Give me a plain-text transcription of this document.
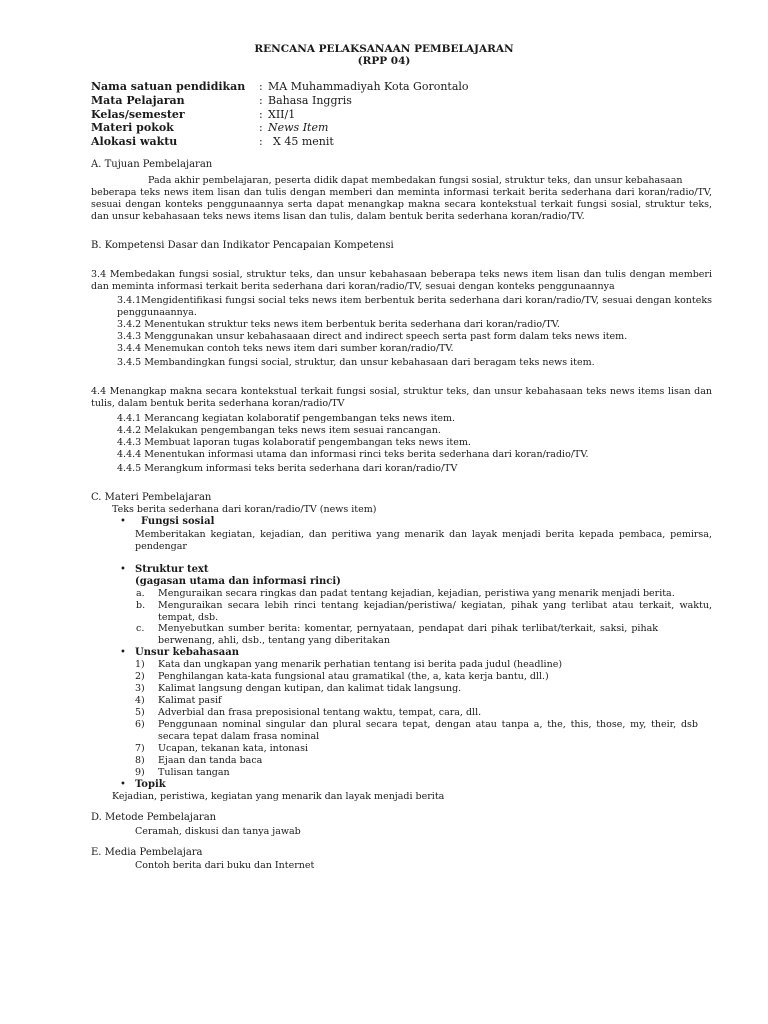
RENCANA PELAKSANAAN PEMBELAJARAN
(RPP 04)
Nama satuan pendidikan : MA Muhammadiyah Kota Gorontalo
Mata Pelajaran	: Bahasa Inggris
Kelas/semester	: XII/1
Materi pokok	: News Item
Alokasi waktu	: X 45 menit
A. Tujuan Pembelajaran
Pada akhir pembelajaran, peserta didik dapat membedakan fungsi sosial, struktur teks, dan unsur kebahasaan
beberapa teks news item lisan dan tulis dengan memberi dan meminta informasi terkait berita sederhana dari koran/radio/TV, sesuai dengan konteks penggunaannya serta dapat menangkap makna secara kontekstual terkait fungsi sosial, struktur teks, dan unsur kebahasaan teks news items lisan dan tulis, dalam bentuk berita sederhana koran/radio/TV.
B. Kompetensi Dasar dan Indikator Pencapaian Kompetensi
3.4 Membedakan fungsi sosial, struktur teks, dan unsur kebahasaan beberapa teks news item lisan dan tulis dengan memberi dan meminta informasi terkait berita sederhana dari koran/radio/TV, sesuai dengan konteks penggunaannya
3.4.1Mengidentifikasi fungsi social teks news item berbentuk berita sederhana dari koran/radio/TV, sesuai dengan konteks penggunaannya.
3.4.2 Menentukan struktur teks news item berbentuk berita sederhana dari koran/radio/TV.
3.4.3 Menggunakan unsur kebahasaaan direct and indirect speech serta past form dalam teks news item.
3.4.4 Menemukan contoh teks news item dari sumber koran/radio/TV.
3.4.5 Membandingkan fungsi social, struktur, dan unsur kebahasaan dari beragam teks news item.
4.4 Menangkap makna secara kontekstual terkait fungsi sosial, struktur teks, dan unsur kebahasaan teks news items lisan dan tulis, dalam bentuk berita sederhana koran/radio/TV
4.4.1 Merancang kegiatan kolaboratif pengembangan teks news item.
4.4.2 Melakukan pengembangan teks news item sesuai rancangan.
4.4.3 Membuat laporan tugas kolaboratif pengembangan teks news item.
4.4.4 Menentukan informasi utama dan informasi rinci teks berita sederhana dari koran/radio/TV.
4.4.5 Merangkum informasi teks berita sederhana dari koran/radio/TV
C. Materi Pembelajaran
Teks berita sederhana dari koran/radio/TV (news item)
• Fungsi sosial
Memberitakan kegiatan, kejadian, dan peritiwa yang menarik dan layak menjadi berita kepada pembaca, pemirsa, pendengar
• Struktur text
(gagasan utama dan informasi rinci)
a. Menguraikan secara ringkas dan padat tentang kejadian, kejadian, peristiwa yang menarik menjadi berita.
b. Menguraikan secara lebih rinci tentang kejadian/peristiwa/ kegiatan, pihak yang terlibat atau terkait, waktu, tempat, dsb.
c. Menyebutkan sumber berita: komentar, pernyataan, pendapat dari pihak terlibat/terkait, saksi, pihak berwenang, ahli, dsb., tentang yang diberitakan
• Unsur kebahasaan
1) Kata dan ungkapan yang menarik perhatian tentang isi berita pada judul (headline)
2) Penghilangan kata-kata fungsional atau gramatikal (the, a, kata kerja bantu, dll.)
3) Kalimat langsung dengan kutipan, dan kalimat tidak langsung.
4) Kalimat pasif
5) Adverbial dan frasa preposisional tentang waktu, tempat, cara, dll.
6) Penggunaan nominal singular dan plural secara tepat, dengan atau tanpa a, the, this, those, my, their, dsb secara tepat dalam frasa nominal
7) Ucapan, tekanan kata, intonasi
8) Ejaan dan tanda baca
9) Tulisan tangan
• Topik
Kejadian, peristiwa, kegiatan yang menarik dan layak menjadi berita
D. Metode Pembelajaran
Ceramah, diskusi dan tanya jawab
E. Media Pembelajara
Contoh berita dari buku dan Internet
